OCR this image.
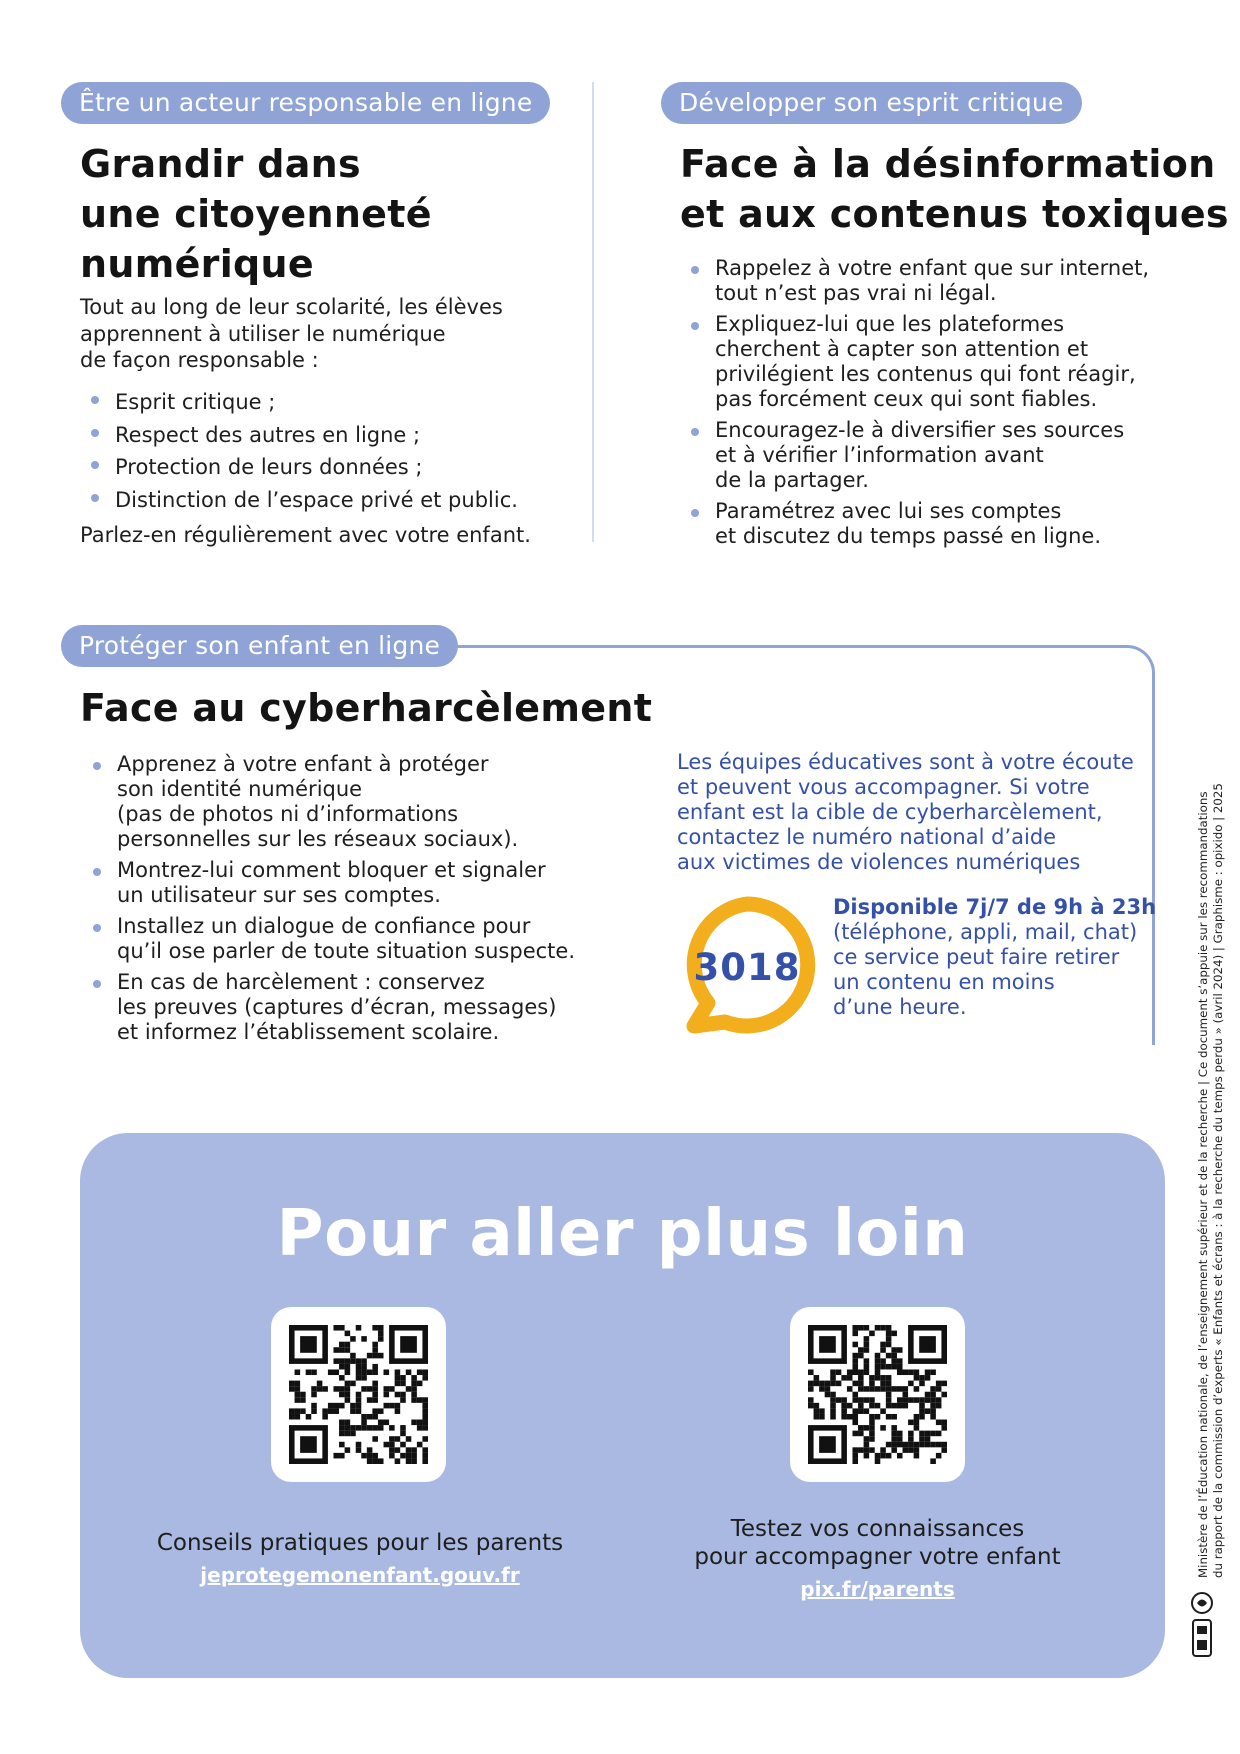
Être un acteur responsable en ligne
Grandir dans
une citoyenneté
numérique
Tout au long de leur scolarité, les élèves
apprennent à utiliser le numérique
de façon responsable :
Esprit critique ;
Respect des autres en ligne ;
Protection de leurs données ;
Distinction de l’espace privé et public.
Parlez-en régulièrement avec votre enfant.
Développer son esprit critique
Face à la désinformation
et aux contenus toxiques
Rappelez à votre enfant que sur internet,
tout n’est pas vrai ni légal.
Expliquez-lui que les plateformes
cherchent à capter son attention et
privilégient les contenus qui font réagir,
pas forcément ceux qui sont fiables.
Encouragez-le à diversifier ses sources
et à vérifier l’information avant
de la partager.
Paramétrez avec lui ses comptes
et discutez du temps passé en ligne.
Protéger son enfant en ligne
Face au cyberharcèlement
Apprenez à votre enfant à protéger
son identité numérique
(pas de photos ni d’informations
personnelles sur les réseaux sociaux).
Montrez-lui comment bloquer et signaler
un utilisateur sur ses comptes.
Installez un dialogue de confiance pour
qu’il ose parler de toute situation suspecte.
En cas de harcèlement : conservez
les preuves (captures d’écran, messages)
et informez l’établissement scolaire.
Les équipes éducatives sont à votre écoute
et peuvent vous accompagner. Si votre
enfant est la cible de cyberharcèlement,
contactez le numéro national d’aide
aux victimes de violences numériques
3018
Disponible 7j/7 de 9h à 23h
(téléphone, appli, mail, chat)
ce service peut faire retirer
un contenu en moins
d’une heure.
Pour aller plus loin
Conseils pratiques pour les parents
jeprotegemonenfant.gouv.fr
Testez vos connaissances
pour accompagner votre enfant
pix.fr/parents
Ministère de l’Éducation nationale, de l’enseignement supérieur et de la recherche | Ce document s’appuie sur les recommandations du rapport de la commission d’experts « Enfants et écrans : à la recherche du temps perdu » (avril 2024) | Graphisme : opixido | 2025
